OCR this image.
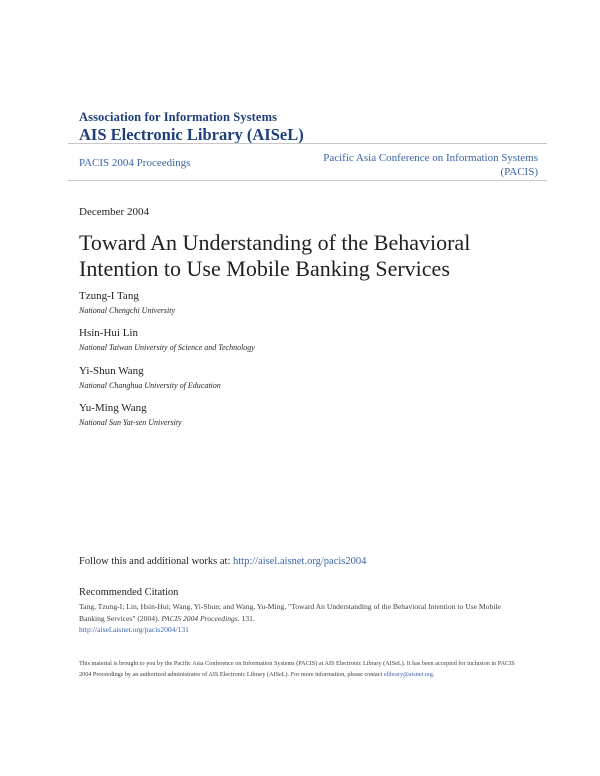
Association for Information Systems
AIS Electronic Library (AISeL)
PACIS 2004 Proceedings	Pacific Asia Conference on Information Systems
(PACIS)
December 2004
Toward An Understanding of the Behavioral
Intention to Use Mobile Banking Services
Tzung-I Tang
National Chengchi University
Hsin-Hui Lin
National Taiwan University of Science and Technology
Yi-Shun Wang
National Changhua University of Education
Yu-Ming Wang
National Sun Yat-sen University
Follow this and additional works at: http://aisel.aisnet.org/pacis2004
Recommended Citation
Tang, Tzung-I; Lin, Hsin-Hui; Wang, Yi-Shun; and Wang, Yu-Ming, "Toward An Understanding of the Behavioral Intention to Use Mobile Banking Services" (2004). PACIS 2004 Proceedings. 131.
http://aisel.aisnet.org/pacis2004/131
This material is brought to you by the Pacific Asia Conference on Information Systems (PACIS) at AIS Electronic Library (AISeL). It has been accepted for inclusion in PACIS 2004 Proceedings by an authorized administrator of AIS Electronic Library (AISeL). For more information, please contact elibrary@aisnet.org.
